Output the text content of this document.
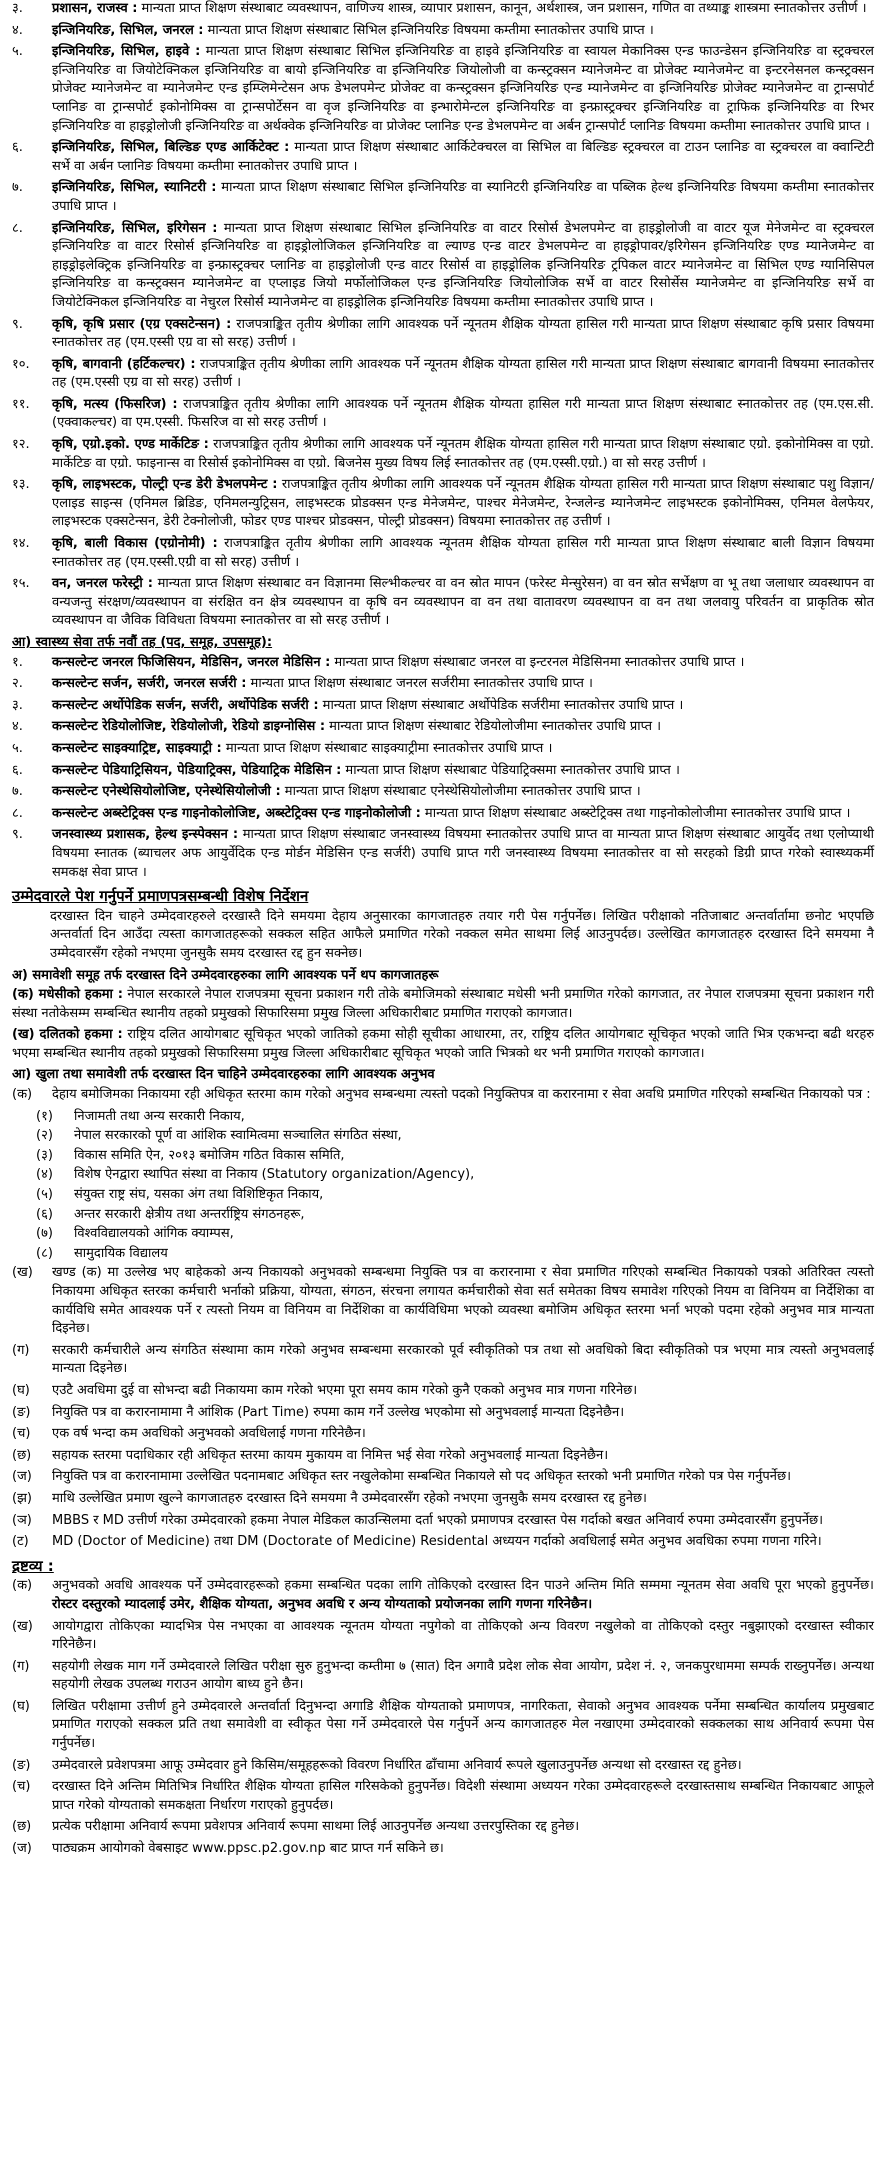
३.	प्रशासन, राजस्व : मान्यता प्राप्त शिक्षण संस्थाबाट व्यवस्थापन, वाणिज्य शास्त्र, व्यापार प्रशासन, कानून, अर्थशास्त्र, जन प्रशासन, गणित वा तथ्याङ्क शास्त्रमा स्नातकोत्तर उत्तीर्ण ।
४.	इन्जिनियरिङ, सिभिल, जनरल : मान्यता प्राप्त शिक्षण संस्थाबाट सिभिल इन्जिनियरिङ विषयमा कम्तीमा स्नातकोत्तर उपाधि प्राप्त ।
५.	इन्जिनियरिङ, सिभिल, हाइवे : मान्यता प्राप्त शिक्षण संस्थाबाट सिभिल इन्जिनियरिङ वा हाइवे इन्जिनियरिङ वा स्वायल मेकानिक्स एन्ड फाउन्डेसन इन्जिनियरिङ वा स्ट्रक्चरल इन्जिनियरिङ वा जियोटेक्निकल इन्जिनियरिङ वा बायो इन्जिनियरिङ वा इन्जिनियरिङ जियोलोजी वा कन्स्ट्रक्सन म्यानेजमेन्ट वा प्रोजेक्ट म्यानेजमेन्ट वा इन्टरनेसनल कन्स्ट्रक्सन प्रोजेक्ट म्यानेजमेन्ट वा म्यानेजमेन्ट एन्ड इम्प्लिमेन्टेसन अफ डेभलपमेन्ट प्रोजेक्ट वा कन्स्ट्रक्सन इन्जिनियरिङ एन्ड म्यानेजमेन्ट वा इन्जिनियरिङ प्रोजेक्ट म्यानेजमेन्ट वा ट्रान्सपोर्ट प्लानिङ वा ट्रान्सपोर्ट इकोनोमिक्स वा ट्रान्सपोर्टेसन वा वृज इन्जिनियरिङ वा इन्भारोमेन्टल इन्जिनियरिङ वा इन्फ्रास्ट्रक्चर इन्जिनियरिङ वा ट्राफिक इन्जिनियरिङ वा रिभर इन्जिनियरिङ वा हाइड्रोलोजी इन्जिनियरिङ वा अर्थक्वेक इन्जिनियरिङ वा प्रोजेक्ट प्लानिङ एन्ड डेभलपमेन्ट वा अर्बन ट्रान्सपोर्ट प्लानिङ विषयमा कम्तीमा स्नातकोत्तर उपाधि प्राप्त ।
६.	इन्जिनियरिङ, सिभिल, बिल्डिङ एण्ड आर्किटेक्ट : मान्यता प्राप्त शिक्षण संस्थाबाट आर्किटेक्चरल वा सिभिल वा बिल्डिङ स्ट्रक्चरल वा टाउन प्लानिङ वा स्ट्रक्चरल वा क्वान्टिटी सर्भे वा अर्बन प्लानिङ विषयमा कम्तीमा स्नातकोत्तर उपाधि प्राप्त ।
७.	इन्जिनियरिङ, सिभिल, स्यानिटरी : मान्यता प्राप्त शिक्षण संस्थाबाट सिभिल इन्जिनियरिङ वा स्यानिटरी इन्जिनियरिङ वा पब्लिक हेल्थ इन्जिनियरिङ विषयमा कम्तीमा स्नातकोत्तर उपाधि प्राप्त ।
८.	इन्जिनियरिङ, सिभिल, इरिगेसन : मान्यता प्राप्त शिक्षण संस्थाबाट सिभिल इन्जिनियरिङ वा वाटर रिसोर्स डेभलपमेन्ट वा हाइड्रोलोजी वा वाटर यूज मेनेजमेन्ट वा स्ट्रक्चरल इन्जिनियरिङ वा वाटर रिसोर्स इन्जिनियरिङ वा हाइड्रोलोजिकल इन्जिनियरिङ वा ल्याण्ड एन्ड वाटर डेभलपमेन्ट वा हाइड्रोपावर/इरिगेसन इन्जिनियरिङ एण्ड म्यानेजमेन्ट वा हाइड्रोइलेक्ट्रिक इन्जिनियरिङ वा इन्फ्रास्ट्रक्चर प्लानिङ वा हाइड्रोलोजी एन्ड वाटर रिसोर्स वा हाइड्रोलिक इन्जिनियरिङ ट्रपिकल वाटर म्यानेजमेन्ट वा सिभिल एण्ड ग्यानिसिपल इन्जिनियरिङ वा कन्स्ट्रक्सन म्यानेजमेन्ट वा एप्लाइड जियो मर्फोलोजिकल एन्ड इन्जिनियरिङ जियोलोजिक सर्भे वा वाटर रिसोर्सेस म्यानेजमेन्ट वा इन्जिनियरिङ सर्भे वा जियोटेक्निकल इन्जिनियरिङ वा नेचुरल रिसोर्स म्यानेजमेन्ट वा हाइड्रोलिक इन्जिनियरिङ विषयमा कम्तीमा स्नातकोत्तर उपाधि प्राप्त ।
९.	कृषि, कृषि प्रसार (एग्र एक्सटेन्सन) : राजपत्राङ्कित तृतीय श्रेणीका लागि आवश्यक पर्ने न्यूनतम शैक्षिक योग्यता हासिल गरी मान्यता प्राप्त शिक्षण संस्थाबाट कृषि प्रसार विषयमा स्नातकोत्तर तह (एम.एस्सी एग्र वा सो सरह) उत्तीर्ण ।
१०.	कृषि, बागवानी (हर्टिकल्चर) : राजपत्राङ्कित तृतीय श्रेणीका लागि आवश्यक पर्ने न्यूनतम शैक्षिक योग्यता हासिल गरी मान्यता प्राप्त शिक्षण संस्थाबाट बागवानी विषयमा स्नातकोत्तर तह (एम.एस्सी एग्र वा सो सरह) उत्तीर्ण ।
११.	कृषि, मत्स्य (फिसरिज) : राजपत्राङ्कित तृतीय श्रेणीका लागि आवश्यक पर्ने न्यूनतम शैक्षिक योग्यता हासिल गरी मान्यता प्राप्त शिक्षण संस्थाबाट स्नातकोत्तर तह (एम.एस.सी. (एक्वाकल्चर) वा एम.एस्सी. फिसरिज वा सो सरह उत्तीर्ण ।
१२.	कृषि, एग्रो.इको. एण्ड मार्केटिङ : राजपत्राङ्कित तृतीय श्रेणीका लागि आवश्यक पर्ने न्यूनतम शैक्षिक योग्यता हासिल गरी मान्यता प्राप्त शिक्षण संस्थाबाट एग्रो. इकोनोमिक्स वा एग्रो. मार्केटिङ वा एग्रो. फाइनान्स वा रिसोर्स इकोनोमिक्स वा एग्रो. बिजनेस मुख्य विषय लिई स्नातकोत्तर तह (एम.एस्सी.एग्रो.) वा सो सरह उत्तीर्ण ।
१३.	कृषि, लाइभस्टक, पोल्ट्री एन्ड डेरी डेभलपमेन्ट : राजपत्राङ्कित तृतीय श्रेणीका लागि आवश्यक पर्ने न्यूनतम शैक्षिक योग्यता हासिल गरी मान्यता प्राप्त शिक्षण संस्थाबाट पशु विज्ञान/एलाइड साइन्स (एनिमल ब्रिडिङ, एनिमलन्युट्रिसन, लाइभस्टक प्रोडक्सन एन्ड मेनेजमेन्ट, पाश्चर मेनेजमेन्ट, रेन्जलेन्ड म्यानेजमेन्ट लाइभस्टक इकोनोमिक्स, एनिमल वेलफेयर, लाइभस्टक एक्सटेन्सन, डेरी टेक्नोलोजी, फोडर एण्ड पाश्चर प्रोडक्सन, पोल्ट्री प्रोडक्सन) विषयमा स्नातकोत्तर तह उत्तीर्ण ।
१४.	कृषि, बाली विकास (एग्रोनोमी) : राजपत्राङ्कित तृतीय श्रेणीका लागि आवश्यक न्यूनतम शैक्षिक योग्यता हासिल गरी मान्यता प्राप्त शिक्षण संस्थाबाट बाली विज्ञान विषयमा स्नातकोत्तर तह (एम.एस्सी.एग्री वा सो सरह) उत्तीर्ण ।
१५.	वन, जनरल फरेस्ट्री : मान्यता प्राप्त शिक्षण संस्थाबाट वन विज्ञानमा सिल्भीकल्चर वा वन स्रोत मापन (फरेस्ट मेन्सुरेसन) वा वन स्रोत सर्भेक्षण वा भू तथा जलाधार व्यवस्थापन वा वन्यजन्तु संरक्षण/व्यवस्थापन वा संरक्षित वन क्षेत्र व्यवस्थापन वा कृषि वन व्यवस्थापन वा वन तथा वातावरण व्यवस्थापन वा वन तथा जलवायु परिवर्तन वा प्राकृतिक स्रोत व्यवस्थापन वा जैविक विविधता विषयमा स्नातकोत्तर वा सो सरह उत्तीर्ण ।
आ) स्वास्थ्य सेवा तर्फ नवौं तह (पद, समूह, उपसमूह):
१.	कन्सल्टेन्ट जनरल फिजिसियन, मेडिसिन, जनरल मेडिसिन : मान्यता प्राप्त शिक्षण संस्थाबाट जनरल वा इन्टरनल मेडिसिनमा स्नातकोत्तर उपाधि प्राप्त ।
२.	कन्सल्टेन्ट सर्जन, सर्जरी, जनरल सर्जरी : मान्यता प्राप्त शिक्षण संस्थाबाट जनरल सर्जरीमा स्नातकोत्तर उपाधि प्राप्त ।
३.	कन्सल्टेन्ट अर्थोपेडिक सर्जन, सर्जरी, अर्थोपेडिक सर्जरी : मान्यता प्राप्त शिक्षण संस्थाबाट अर्थोपेडिक सर्जरीमा स्नातकोत्तर उपाधि प्राप्त ।
४.	कन्सल्टेन्ट रेडियोलोजिष्ट, रेडियोलोजी, रेडियो डाइग्नोसिस : मान्यता प्राप्त शिक्षण संस्थाबाट रेडियोलोजीमा स्नातकोत्तर उपाधि प्राप्त ।
५.	कन्सल्टेन्ट साइक्याट्रिष्ट, साइक्याट्री : मान्यता प्राप्त शिक्षण संस्थाबाट साइक्याट्रीमा स्नातकोत्तर उपाधि प्राप्त ।
६.	कन्सल्टेन्ट पेडियाट्रिसियन, पेडियाट्रिक्स, पेडियाट्रिक मेडिसिन : मान्यता प्राप्त शिक्षण संस्थाबाट पेडियाट्रिक्समा स्नातकोत्तर उपाधि प्राप्त ।
७.	कन्सल्टेन्ट एनेस्थेसियोलोजिष्ट, एनेस्थेसियोलोजी : मान्यता प्राप्त शिक्षण संस्थाबाट एनेस्थेसियोलोजीमा स्नातकोत्तर उपाधि प्राप्त ।
८.	कन्सल्टेन्ट अब्स्टेट्रिक्स एन्ड गाइनोकोलोजिष्ट, अब्स्टेट्रिक्स एन्ड गाइनोकोलोजी : मान्यता प्राप्त शिक्षण संस्थाबाट अब्स्टेट्रिक्स तथा गाइनोकोलोजीमा स्नातकोत्तर उपाधि प्राप्त ।
९.	जनस्वास्थ्य प्रशासक, हेल्थ इन्स्पेक्सन : मान्यता प्राप्त शिक्षण संस्थाबाट जनस्वास्थ्य विषयमा स्नातकोत्तर उपाधि प्राप्त वा मान्यता प्राप्त शिक्षण संस्थाबाट आयुर्वेद तथा एलोप्याथी विषयमा स्नातक (ब्याचलर अफ आयुर्वेदिक एन्ड मोर्डन मेडिसिन एन्ड सर्जरी) उपाधि प्राप्त गरी जनस्वास्थ्य विषयमा स्नातकोत्तर वा सो सरहको डिग्री प्राप्त गरेको स्वास्थ्यकर्मी समकक्ष सेवा प्राप्त ।
उम्मेदवारले पेश गर्नुपर्ने प्रमाणपत्रसम्बन्धी विशेष निर्देशन
दरखास्त दिन चाहने उम्मेदवारहरुले दरखास्तै दिने समयमा देहाय अनुसारका कागजातहरु तयार गरी पेस गर्नुपर्नेछ। लिखित परीक्षाको नतिजाबाट अन्तर्वार्तामा छनोट भएपछि अन्तर्वार्ता दिन आउँदा त्यस्ता कागजातहरूको सक्कल सहित आफैले प्रमाणित गरेको नक्कल समेत साथमा लिई आउनुपर्दछ। उल्लेखित कागजातहरु दरखास्त दिने समयमा नै उम्मेदवारसँग रहेको नभएमा जुनसुकै समय दरखास्त रद्द हुन सक्नेछ।
अ) समावेशी समूह तर्फ दरखास्त दिने उम्मेदवारहरुका लागि आवश्यक पर्ने थप कागजातहरू
(क) मधेसीको हकमा : नेपाल सरकारले नेपाल राजपत्रमा सूचना प्रकाशन गरी तोके बमोजिमको संस्थाबाट मधेसी भनी प्रमाणित गरेको कागजात, तर नेपाल राजपत्रमा सूचना प्रकाशन गरी संस्था नतोकेसम्म सम्बन्धित स्थानीय तहको प्रमुखको सिफारिसमा प्रमुख जिल्ला अधिकारीबाट प्रमाणित गराएको कागजात।
(ख) दलितको हकमा : राष्ट्रिय दलित आयोगबाट सूचिकृत भएको जातिको हकमा सोही सूचीका आधारमा, तर, राष्ट्रिय दलित आयोगबाट सूचिकृत भएको जाति भित्र एकभन्दा बढी थरहरु भएमा सम्बन्धित स्थानीय तहको प्रमुखको सिफारिसमा प्रमुख जिल्ला अधिकारीबाट सूचिकृत भएको जाति भित्रको थर भनी प्रमाणित गराएको कागजात।
आ) खुला तथा समावेशी तर्फ दरखास्त दिन चाहिने उम्मेदवारहरुका लागि आवश्यक अनुभव
(क)	देहाय बमोजिमका निकायमा रही अधिकृत स्तरमा काम गरेको अनुभव सम्बन्धमा त्यस्तो पदको नियुक्तिपत्र वा करारनामा र सेवा अवधि प्रमाणित गरिएको सम्बन्धित निकायको पत्र :
(१)	निजामती तथा अन्य सरकारी निकाय,
(२)	नेपाल सरकारको पूर्ण वा आंशिक स्वामित्वमा सञ्चालित संगठित संस्था,
(३)	विकास समिति ऐन, २०१३ बमोजिम गठित विकास समिति,
(४)	विशेष ऐनद्वारा स्थापित संस्था वा निकाय (Statutory organization/Agency),
(५)	संयुक्त राष्ट्र संघ, यसका अंग तथा विशिष्टिकृत निकाय,
(६)	अन्तर सरकारी क्षेत्रीय तथा अन्तर्राष्ट्रिय संगठनहरू,
(७)	विश्वविद्यालयको आंगिक क्याम्पस,
(८)	सामुदायिक विद्यालय
(ख)	खण्ड (क) मा उल्लेख भए बाहेकको अन्य निकायको अनुभवको सम्बन्धमा नियुक्ति पत्र वा करारनामा र सेवा प्रमाणित गरिएको सम्बन्धित निकायको पत्रको अतिरिक्त त्यस्तो निकायमा अधिकृत स्तरका कर्मचारी भर्नाको प्रक्रिया, योग्यता, संगठन, संरचना लगायत कर्मचारीको सेवा सर्त समेतका विषय समावेश गरिएको नियम वा विनियम वा निर्देशिका वा कार्यविधि समेत आवश्यक पर्ने र त्यस्तो नियम वा विनियम वा निर्देशिका वा कार्यविधिमा भएको व्यवस्था बमोजिम अधिकृत स्तरमा भर्ना भएको पदमा रहेको अनुभव मात्र मान्यता दिइनेछ।
(ग)	सरकारी कर्मचारीले अन्य संगठित संस्थामा काम गरेको अनुभव सम्बन्धमा सरकारको पूर्व स्वीकृतिको पत्र तथा सो अवधिको बिदा स्वीकृतिको पत्र भएमा मात्र त्यस्तो अनुभवलाई मान्यता दिइनेछ।
(घ)	एउटै अवधिमा दुई वा सोभन्दा बढी निकायमा काम गरेको भएमा पूरा समय काम गरेको कुनै एकको अनुभव मात्र गणना गरिनेछ।
(ङ)	नियुक्ति पत्र वा करारनामामा नै आंशिक (Part Time) रुपमा काम गर्ने उल्लेख भएकोमा सो अनुभवलाई मान्यता दिइनेछैन।
(च)	एक वर्ष भन्दा कम अवधिको अनुभवको अवधिलाई गणना गरिनेछैन।
(छ)	सहायक स्तरमा पदाधिकार रही अधिकृत स्तरमा कायम मुकायम वा निमित्त भई सेवा गरेको अनुभवलाई मान्यता दिइनेछैन।
(ज)	नियुक्ति पत्र वा करारनामामा उल्लेखित पदनामबाट अधिकृत स्तर नखुलेकोमा सम्बन्धित निकायले सो पद अधिकृत स्तरको भनी प्रमाणित गरेको पत्र पेस गर्नुपर्नेछ।
(झ)	माथि उल्लेखित प्रमाण खुल्ने कागजातहरु दरखास्त दिने समयमा नै उम्मेदवारसँग रहेको नभएमा जुनसुकै समय दरखास्त रद्द हुनेछ।
(ञ)	MBBS र MD उत्तीर्ण गरेका उम्मेदवारको हकमा नेपाल मेडिकल काउन्सिलमा दर्ता भएको प्रमाणपत्र दरखास्त पेस गर्दाको बखत अनिवार्य रुपमा उम्मेदवारसँग हुनुपर्नेछ।
(ट)	MD (Doctor of Medicine) तथा DM (Doctorate of Medicine) Residental अध्ययन गर्दाको अवधिलाई समेत अनुभव अवधिका रुपमा गणना गरिने।
द्रष्टव्य :
(क)	अनुभवको अवधि आवश्यक पर्ने उम्मेदवारहरूको हकमा सम्बन्धित पदका लागि तोकिएको दरखास्त दिन पाउने अन्तिम मिति सम्ममा न्यूनतम सेवा अवधि पूरा भएको हुनुपर्नेछ। रोस्टर दस्तुरको म्यादलाई उमेर, शैक्षिक योग्यता, अनुभव अवधि र अन्य योग्यताको प्रयोजनका लागि गणना गरिनेछैन।
(ख)	आयोगद्वारा तोकिएका म्यादभित्र पेस नभएका वा आवश्यक न्यूनतम योग्यता नपुगेको वा तोकिएको अन्य विवरण नखुलेको वा तोकिएको दस्तुर नबुझाएको दरखास्त स्वीकार गरिनेछैन।
(ग)	सहयोगी लेखक माग गर्ने उम्मेदवारले लिखित परीक्षा सुरु हुनुभन्दा कम्तीमा ७ (सात) दिन अगावै प्रदेश लोक सेवा आयोग, प्रदेश नं. २, जनकपुरधाममा सम्पर्क राख्नुपर्नेछ। अन्यथा सहयोगी लेखक उपलब्ध गराउन आयोग बाध्य हुने छैन।
(घ)	लिखित परीक्षामा उत्तीर्ण हुने उम्मेदवारले अन्तर्वार्ता दिनुभन्दा अगाडि शैक्षिक योग्यताको प्रमाणपत्र, नागरिकता, सेवाको अनुभव आवश्यक पर्नेमा सम्बन्धित कार्यालय प्रमुखबाट प्रमाणित गराएको सक्कल प्रति तथा समावेशी वा स्वीकृत पेसा गर्ने उम्मेदवारले पेस गर्नुपर्ने अन्य कागजातहरु मेल नखाएमा उम्मेदवारको सक्कलका साथ अनिवार्य रूपमा पेस गर्नुपर्नेछ।
(ङ)	उम्मेदवारले प्रवेशपत्रमा आफू उम्मेदवार हुने किसिम/समूहहरूको विवरण निर्धारित ढाँचामा अनिवार्य रूपले खुलाउनुपर्नेछ अन्यथा सो दरखास्त रद्द हुनेछ।
(च)	दरखास्त दिने अन्तिम मितिभित्र निर्धारित शैक्षिक योग्यता हासिल गरिसकेको हुनुपर्नेछ। विदेशी संस्थामा अध्ययन गरेका उम्मेदवारहरूले दरखास्तसाथ सम्बन्धित निकायबाट आफूले प्राप्त गरेको योग्यताको समकक्षता निर्धारण गराएको हुनुपर्दछ।
(छ)	प्रत्येक परीक्षामा अनिवार्य रूपमा प्रवेशपत्र अनिवार्य रूपमा साथमा लिई आउनुपर्नेछ अन्यथा उत्तरपुस्तिका रद्द हुनेछ।
(ज)	पाठ्यक्रम आयोगको वेबसाइट www.ppsc.p2.gov.np बाट प्राप्त गर्न सकिने छ।
